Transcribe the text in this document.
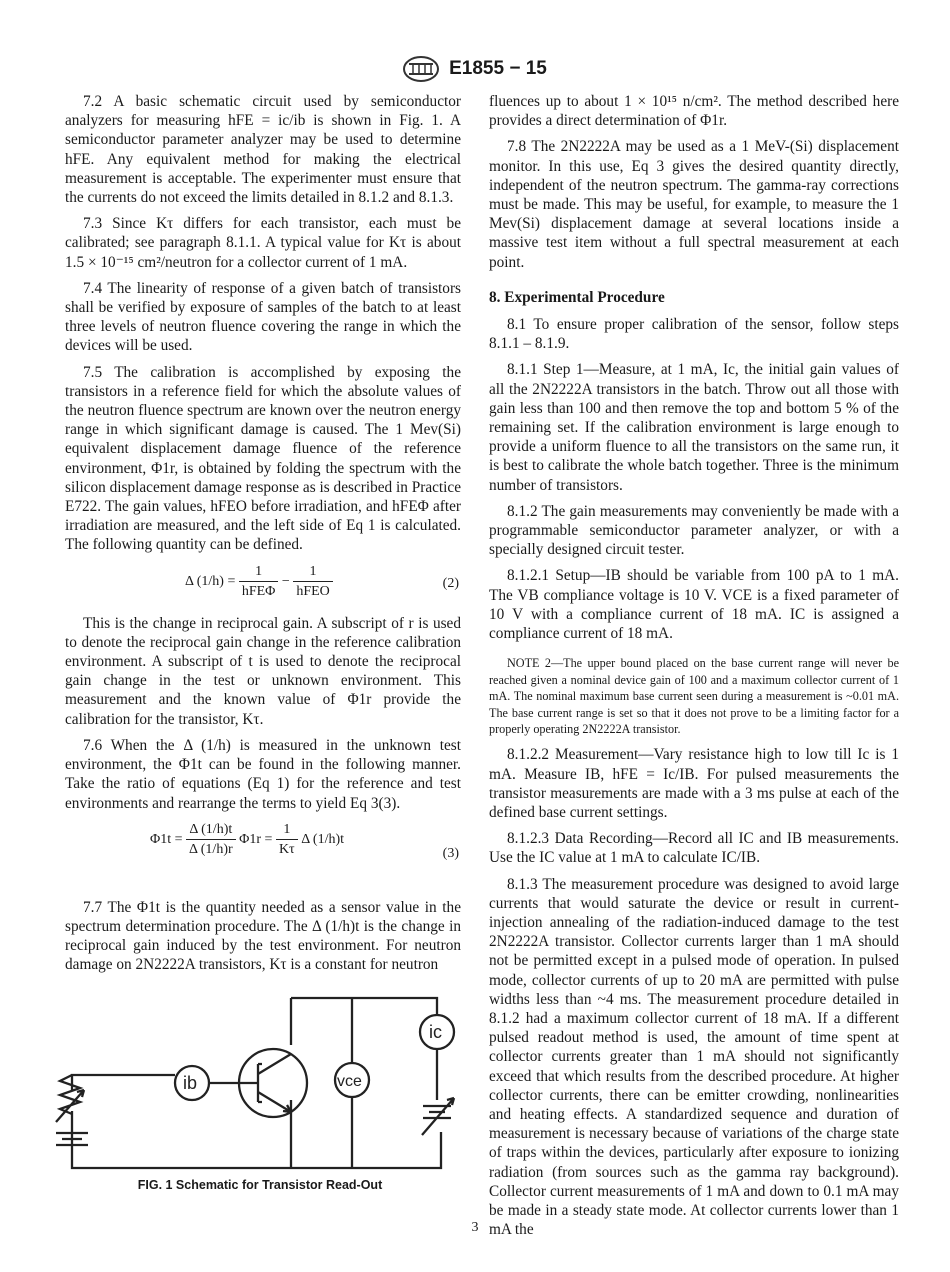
E1855 − 15

7.2 A basic schematic circuit used by semiconductor analyzers for measuring hFE = ic/ib is shown in Fig. 1. A semiconductor parameter analyzer may be used to determine hFE. Any equivalent method for making the electrical measurement is acceptable. The experimenter must ensure that the currents do not exceed the limits detailed in 8.1.2 and 8.1.3.

7.3 Since Kτ differs for each transistor, each must be calibrated; see paragraph 8.1.1. A typical value for Kτ is about 1.5 × 10⁻¹⁵ cm²/neutron for a collector current of 1 mA.

7.4 The linearity of response of a given batch of transistors shall be verified by exposure of samples of the batch to at least three levels of neutron fluence covering the range in which the devices will be used.

7.5 The calibration is accomplished by exposing the transistors in a reference field for which the absolute values of the neutron fluence spectrum are known over the neutron energy range in which significant damage is caused. The 1 Mev(Si) equivalent displacement damage fluence of the reference environment, Φ1r, is obtained by folding the spectrum with the silicon displacement damage response as is described in Practice E722. The gain values, hFEO before irradiation, and hFEΦ after irradiation are measured, and the left side of Eq 1 is calculated. The following quantity can be defined.

Δ $(1/h) = \frac{1}{\text{hFEΦ}} - \frac{1}{\text{hFEO}}$	(2)

This is the change in reciprocal gain. A subscript of r is used to denote the reciprocal gain change in the reference calibration environment. A subscript of t is used to denote the reciprocal gain change in the test or unknown environment. This measurement and the known value of Φ1r provide the calibration for the transistor, Kτ.

7.6 When the Δ (1/h) is measured in the unknown test environment, the Φ1t can be found in the following manner. Take the ratio of equations (Eq 1) for the reference and test environments and rearrange the terms to yield Eq 3(3).

$\Phi 1t = \frac{\Delta (1/h)t}{\Delta (1/h)r} \Phi 1r = \frac{1}{K\tau}$ Δ (1/h)t
(3)

7.7 The Φ1t is the quantity needed as a sensor value in the spectrum determination procedure. The Δ (1/h)t is the change in reciprocal gain induced by the test environment. For neutron damage on 2N2222A transistors, Kτ is a constant for neutron

ib	vce
ic
FIG. 1 Schematic for Transistor Read-Out

fluences up to about 1 × 10¹⁵ n/cm². The method described here provides a direct determination of Φ1r.

7.8 The 2N2222A may be used as a 1 MeV-(Si) displacement monitor. In this use, Eq 3 gives the desired quantity directly, independent of the neutron spectrum. The gamma-ray corrections must be made. This may be useful, for example, to measure the 1 Mev(Si) displacement damage at several locations inside a massive test item without a full spectral measurement at each point.

8. Experimental Procedure

8.1 To ensure proper calibration of the sensor, follow steps 8.1.1 – 8.1.9.

8.1.1 Step 1—Measure, at 1 mA, Ic, the initial gain values of all the 2N2222A transistors in the batch. Throw out all those with gain less than 100 and then remove the top and bottom 5 % of the remaining set. If the calibration environment is large enough to provide a uniform fluence to all the transistors on the same run, it is best to calibrate the whole batch together. Three is the minimum number of transistors.

8.1.2 The gain measurements may conveniently be made with a programmable semiconductor parameter analyzer, or with a specially designed circuit tester.

8.1.2.1 Setup—IB should be variable from 100 pA to 1 mA. The VB compliance voltage is 10 V. VCE is a fixed parameter of 10 V with a compliance current of 18 mA. IC is assigned a compliance current of 18 mA.

NOTE 2—The upper bound placed on the base current range will never be reached given a nominal device gain of 100 and a maximum collector current of 1 mA. The nominal maximum base current seen during a measurement is ~0.01 mA. The base current range is set so that it does not prove to be a limiting factor for a properly operating 2N2222A transistor.

8.1.2.2 Measurement—Vary resistance high to low till Ic is 1 mA. Measure IB, hFE = Ic/IB. For pulsed measurements the transistor measurements are made with a 3 ms pulse at each of the defined base current settings.

8.1.2.3 Data Recording—Record all IC and IB measurements. Use the IC value at 1 mA to calculate IC/IB.

8.1.3 The measurement procedure was designed to avoid large currents that would saturate the device or result in current-injection annealing of the radiation-induced damage to the test 2N2222A transistor. Collector currents larger than 1 mA should not be permitted except in a pulsed mode of operation. In pulsed mode, collector currents of up to 20 mA are permitted with pulse widths less than ~4 ms. The measurement procedure detailed in 8.1.2 had a maximum collector current of 18 mA. If a different pulsed readout method is used, the amount of time spent at collector currents greater than 1 mA should not significantly exceed that which results from the described procedure. At higher collector currents, there can be emitter crowding, nonlinearities and heating effects. A standardized sequence and duration of measurement is necessary because of variations of the charge state of traps within the devices, particularly after exposure to ionizing radiation (from sources such as the gamma ray background). Collector current measurements of 1 mA and down to 0.1 mA may be made in a steady state mode. At collector currents lower than 1 mA the

3
